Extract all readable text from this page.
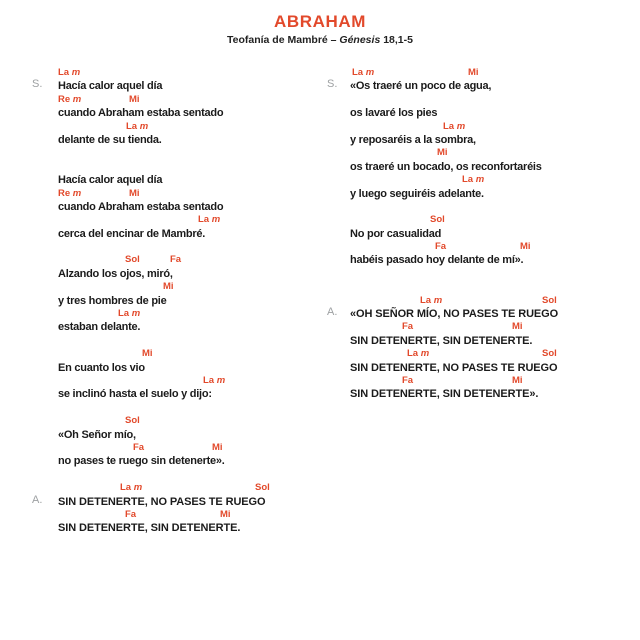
ABRAHAM
Teofanía de Mambré – Génesis 18,1-5
La m
S. Hacía calor aquel día
Re m	Mi
cuando Abraham estaba sentado
La m
delante de su tienda.
Hacía calor aquel día
Re m	Mi
cuando Abraham estaba sentado
La m
cerca del encinar de Mambré.
Sol	Fa
Alzando los ojos, miró,
Mi
y tres hombres de pie
La m
estaban delante.
Mi
En cuanto los vio
La m
se inclinó hasta el suelo y dijo:
Sol
«Oh Señor mío,
Fa	Mi
no pases te ruego sin detenerte».
La m	Sol
A. SIN DETENERTE, NO PASES TE RUEGO
Fa	Mi
SIN DETENERTE, SIN DETENERTE.
La m	Mi
S. «Os traeré un poco de agua,
os lavaré los pies
La m
y reposaréis a la sombra,
Mi
os traeré un bocado, os reconfortaréis
La m
y luego seguiréis adelante.
Sol
No por casualidad
Fa	Mi
habéis pasado hoy delante de mí».
La m	Sol
A. «OH SEÑOR MÍO, NO PASES TE RUEGO
Fa	Mi
SIN DETENERTE, SIN DETENERTE.
La m	Sol
SIN DETENERTE, NO PASES TE RUEGO
Fa	Mi
SIN DETENERTE, SIN DETENERTE».
